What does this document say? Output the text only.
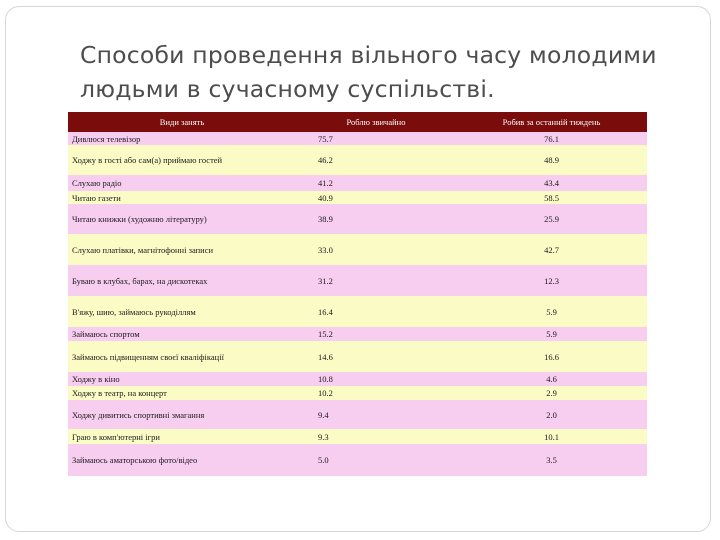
Способи проведення вільного часу молодими людьми в сучасному суспільстві.
Види занять	Роблю звичайно	Робив за останній тиждень
Дивлюся телевізор	75.7	76.1
Ходжу в гості або сам(а) приймаю гостей	46.2	48.9
Слухаю радіо	41.2	43.4
Читаю газети	40.9	58.5
Читаю книжки (художню літературу)	38.9	25.9
Слухаю платівки, магнітофонні записи	33.0	42.7
Буваю в клубах, барах, на дискотеках	31.2	12.3
В'яжу, шию, займаюсь рукоділлям	16.4	5.9
Займаюсь спортом	15.2	5.9
Займаюсь підвищенням своєї кваліфікації	14.6	16.6
Ходжу в кіно	10.8	4.6
Ходжу в театр, на концерт	10.2	2.9
Ходжу дивитись спортивні змагання	9.4	2.0
Граю в комп'ютерні ігри	9.3	10.1
Займаюсь аматорською фото/відео	5.0	3.5
